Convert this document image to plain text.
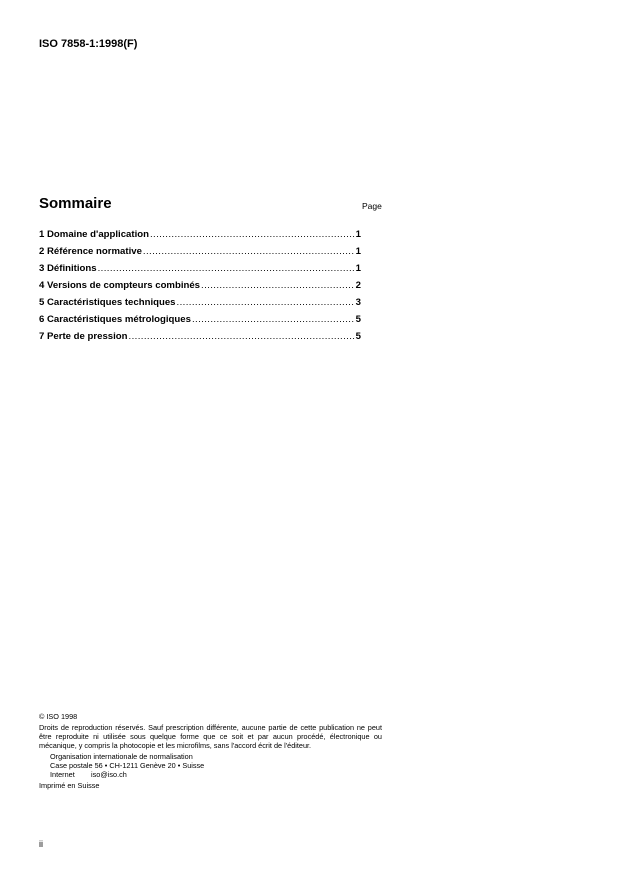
ISO 7858-1:1998(F)
Sommaire	Page
1 Domaine d'application .....	1
2 Référence normative .....	1
3 Définitions .....	1
4 Versions de compteurs combinés .....	2
5 Caractéristiques techniques .....	3
6 Caractéristiques métrologiques .....	5
7 Perte de pression .....	5
© ISO 1998
Droits de reproduction réservés. Sauf prescription différente, aucune partie de cette publication ne peut être reproduite ni utilisée sous quelque forme que ce soit et par aucun procédé, électronique ou mécanique, y compris la photocopie et les microfilms, sans l'accord écrit de l'éditeur.
Organisation internationale de normalisation
Case postale 56 • CH-1211 Genève 20 • Suisse
Internet iso@iso.ch
Imprimé en Suisse
ii
